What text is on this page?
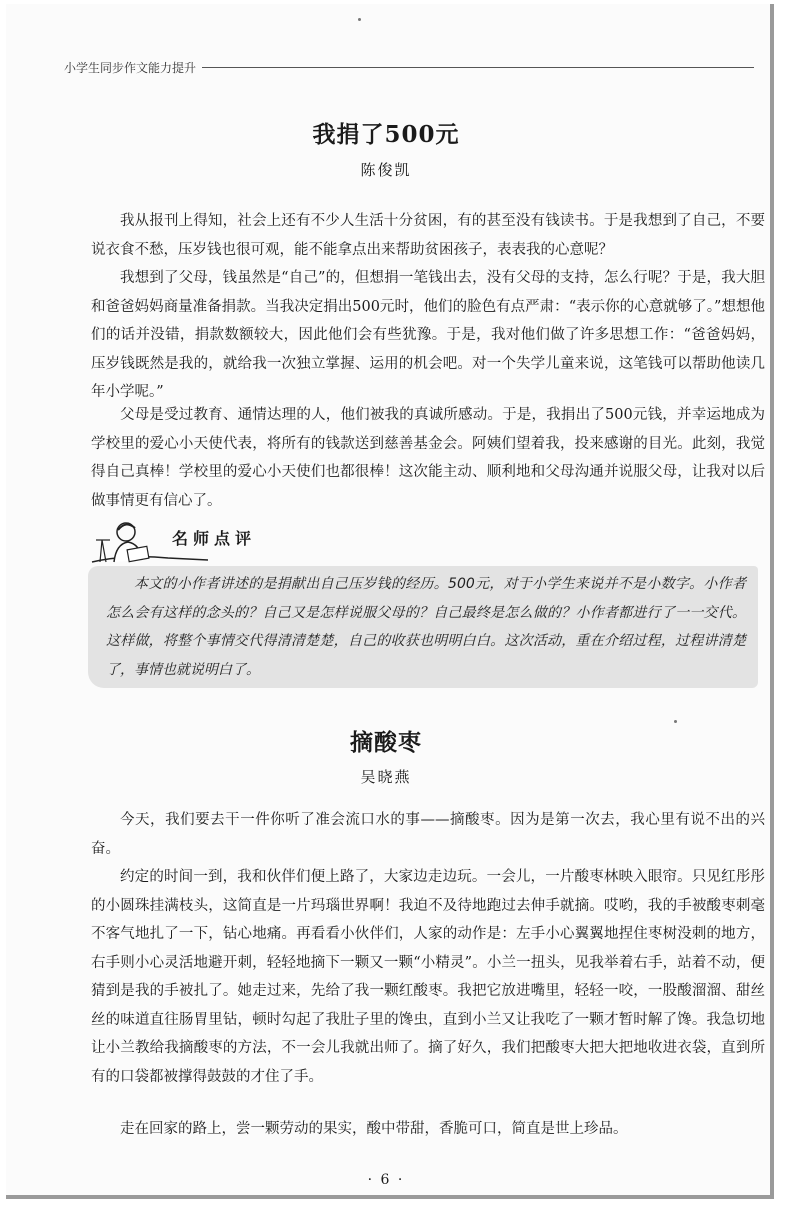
小学生同步作文能力提升
我捐了500元
陈俊凯

我从报刊上得知，社会上还有不少人生活十分贫困，有的甚至没有钱读书。于是我想到了自己，不要说衣食不愁，压岁钱也很可观，能不能拿点出来帮助贫困孩子，表表我的心意呢？

我想到了父母，钱虽然是“自己”的，但想捐一笔钱出去，没有父母的支持，怎么行呢？于是，我大胆和爸爸妈妈商量准备捐款。当我决定捐出500元时，他们的脸色有点严肃：“表示你的心意就够了。”想想他们的话并没错，捐款数额较大，因此他们会有些犹豫。于是，我对他们做了许多思想工作：“爸爸妈妈，压岁钱既然是我的，就给我一次独立掌握、运用的机会吧。对一个失学儿童来说，这笔钱可以帮助他读几年小学呢。”

父母是受过教育、通情达理的人，他们被我的真诚所感动。于是，我捐出了500元钱，并幸运地成为学校里的爱心小天使代表，将所有的钱款送到慈善基金会。阿姨们望着我，投来感谢的目光。此刻，我觉得自己真棒！学校里的爱心小天使们也都很棒！这次能主动、顺利地和父母沟通并说服父母，让我对以后做事情更有信心了。

名师点评

本文的小作者讲述的是捐献出自己压岁钱的经历。500元，对于小学生来说并不是小数字。小作者怎么会有这样的念头的？自己又是怎样说服父母的？自己最终是怎么做的？小作者都进行了一一交代。这样做，将整个事情交代得清清楚楚，自己的收获也明明白白。这次活动，重在介绍过程，过程讲清楚了，事情也就说明白了。

摘酸枣
吴晓燕

今天，我们要去干一件你听了准会流口水的事——摘酸枣。因为是第一次去，我心里有说不出的兴奋。

约定的时间一到，我和伙伴们便上路了，大家边走边玩。一会儿，一片酸枣林映入眼帘。只见红彤彤的小圆珠挂满枝头，这简直是一片玛瑙世界啊！我迫不及待地跑过去伸手就摘。哎哟，我的手被酸枣刺毫不客气地扎了一下，钻心地痛。再看看小伙伴们，人家的动作是：左手小心翼翼地捏住枣树没刺的地方，右手则小心灵活地避开刺，轻轻地摘下一颗又一颗“小精灵”。小兰一扭头，见我举着右手，站着不动，便猜到是我的手被扎了。她走过来，先给了我一颗红酸枣。我把它放进嘴里，轻轻一咬，一股酸溜溜、甜丝丝的味道直往肠胃里钻，顿时勾起了我肚子里的馋虫，直到小兰又让我吃了一颗才暂时解了馋。我急切地让小兰教给我摘酸枣的方法，不一会儿我就出师了。摘了好久，我们把酸枣大把大把地收进衣袋，直到所有的口袋都被撑得鼓鼓的才住了手。

走在回家的路上，尝一颗劳动的果实，酸中带甜，香脆可口，简直是世上珍品。

· 6 ·
